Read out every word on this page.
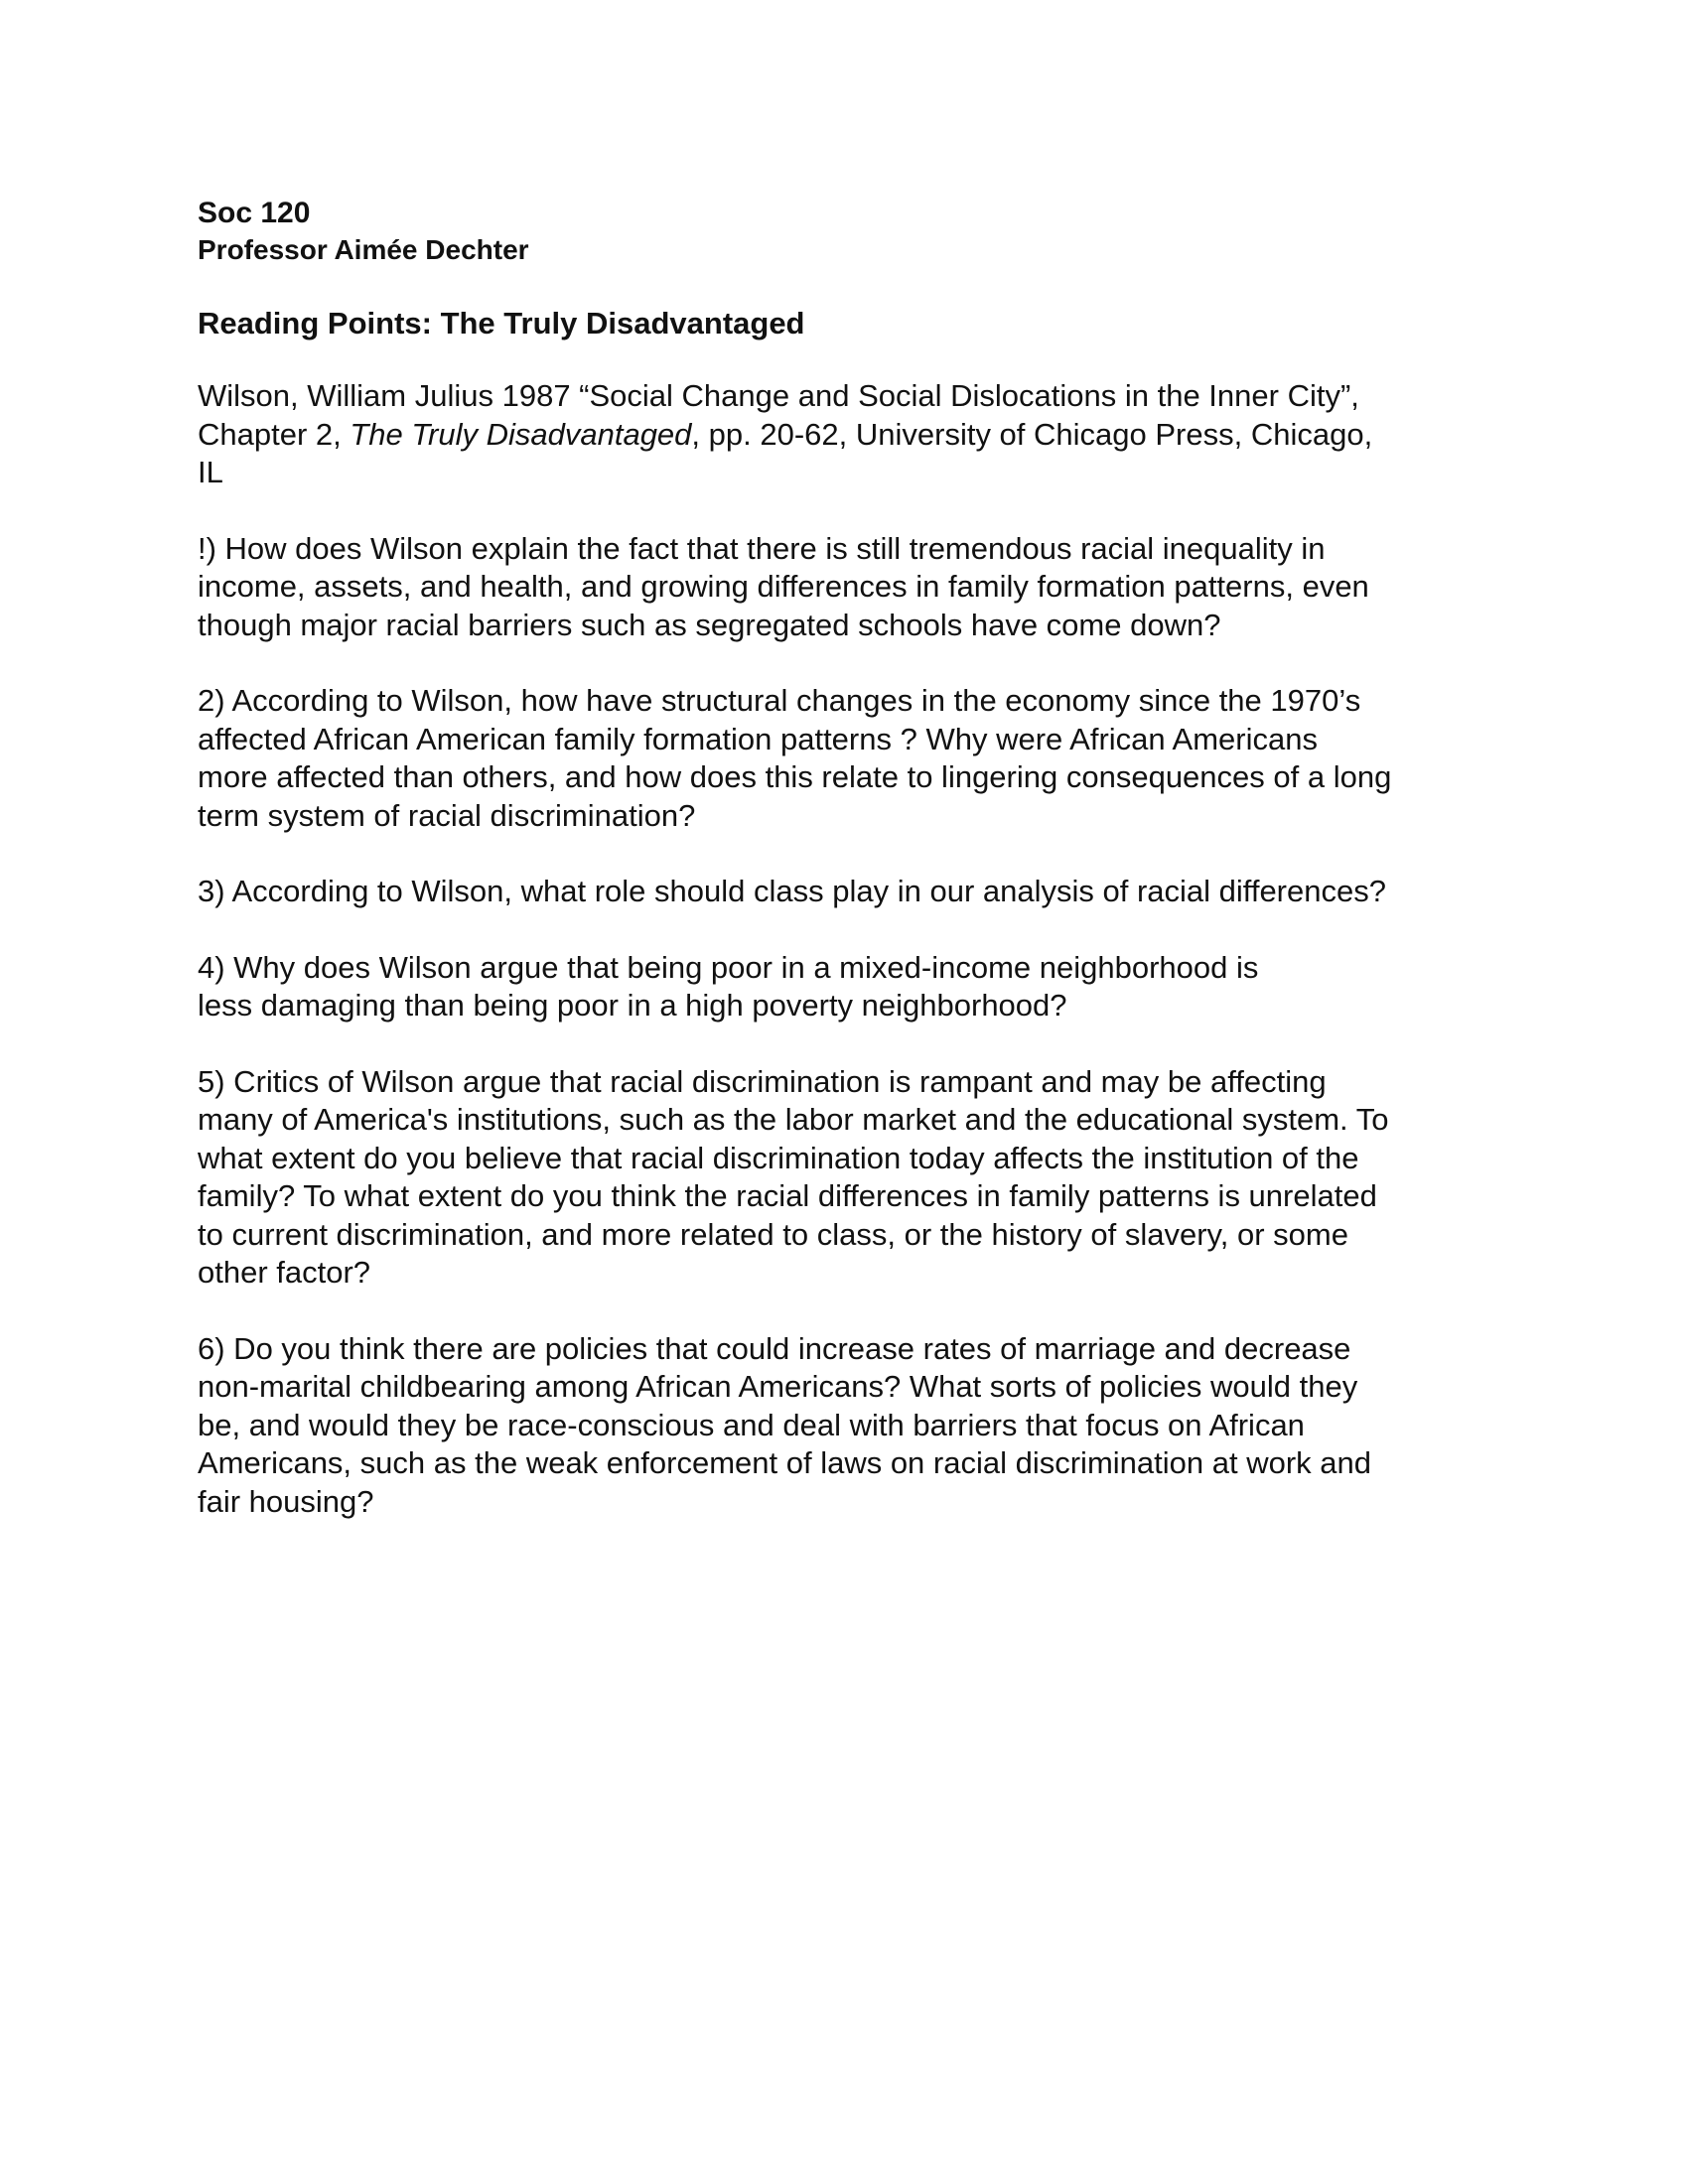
Soc 120

Professor Aimée Dechter

Reading Points: The Truly Disadvantaged

Wilson, William Julius 1987 “Social Change and Social Dislocations in the Inner City”,
Chapter 2, The Truly Disadvantaged, pp. 20-62, University of Chicago Press, Chicago,
IL
!) How does Wilson explain the fact that there is still tremendous racial inequality in
income, assets, and health, and growing differences in family formation patterns, even
though major racial barriers such as segregated schools have come down?
2) According to Wilson, how have structural changes in the economy since the 1970’s
affected African American family formation patterns ? Why were African Americans
more affected than others, and how does this relate to lingering consequences of a long
term system of racial discrimination?
3) According to Wilson, what role should class play in our analysis of racial differences?
4) Why does Wilson argue that being poor in a mixed-income neighborhood is
less damaging than being poor in a high poverty neighborhood?
5) Critics of Wilson argue that racial discrimination is rampant and may be affecting
many of America's institutions, such as the labor market and the educational system. To
what extent do you believe that racial discrimination today affects the institution of the
family? To what extent do you think the racial differences in family patterns is unrelated
to current discrimination, and more related to class, or the history of slavery, or some
other factor?
6) Do you think there are policies that could increase rates of marriage and decrease
non-marital childbearing among African Americans? What sorts of policies would they
be, and would they be race-conscious and deal with barriers that focus on African
Americans, such as the weak enforcement of laws on racial discrimination at work and
fair housing?
